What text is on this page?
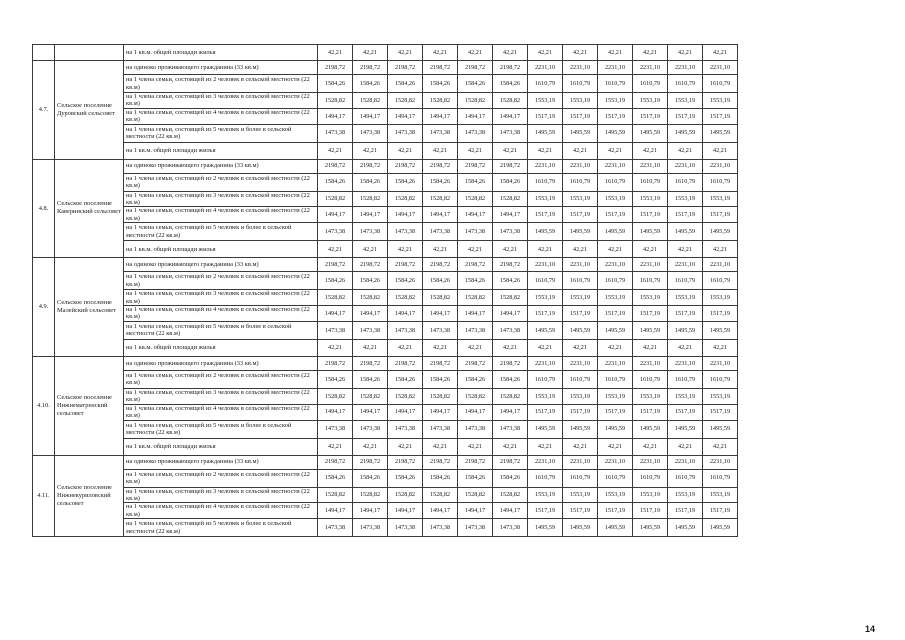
		на 1 кв.м. общей площади жилья	42,21	42,21	42,21	42,21	42,21	42,21	42,21	42,21	42,21	42,21	42,21	42,21
4.7.	Сельское поселение Дуровский сельсовет	на одиноко проживающего гражданина (33 кв.м)	2198,72	2198,72	2198,72	2198,72	2198,72	2198,72	2231,10	2231,10	2231,10	2231,10	2231,10	2231,10
		на 1 члена семьи, состоящей из 2 человек в сельской местности (22 кв.м)	1584,26	1584,26	1584,26	1584,26	1584,26	1584,26	1610,79	1610,79	1610,79	1610,79	1610,79	1610,79
		на 1 члена семьи, состоящей из 3 человек в сельской местности (22 кв.м)	1528,82	1528,82	1528,82	1528,82	1528,82	1528,82	1553,19	1553,19	1553,19	1553,19	1553,19	1553,19
		на 1 члена семьи, состоящей из 4 человек в сельской местности (22 кв.м)	1494,17	1494,17	1494,17	1494,17	1494,17	1494,17	1517,19	1517,19	1517,19	1517,19	1517,19	1517,19
		на 1 члена семьи, состоящей из 5 человек и более в сельской местности (22 кв.м)	1473,38	1473,38	1473,38	1473,38	1473,38	1473,38	1495,59	1495,59	1495,59	1495,59	1495,59	1495,59
		на 1 кв.м. общей площади жилья	42,21	42,21	42,21	42,21	42,21	42,21	42,21	42,21	42,21	42,21	42,21	42,21
4.8.	Сельское поселение Каверинский сельсовет	на одиноко проживающего гражданина (33 кв.м)	2198,72	2198,72	2198,72	2198,72	2198,72	2198,72	2231,10	2231,10	2231,10	2231,10	2231,10	2231,10
		на 1 члена семьи, состоящей из 2 человек в сельской местности (22 кв.м)	1584,26	1584,26	1584,26	1584,26	1584,26	1584,26	1610,79	1610,79	1610,79	1610,79	1610,79	1610,79
		на 1 члена семьи, состоящей из 3 человек в сельской местности (22 кв.м)	1528,82	1528,82	1528,82	1528,82	1528,82	1528,82	1553,19	1553,19	1553,19	1553,19	1553,19	1553,19
		на 1 члена семьи, состоящей из 4 человек в сельской местности (22 кв.м)	1494,17	1494,17	1494,17	1494,17	1494,17	1494,17	1517,19	1517,19	1517,19	1517,19	1517,19	1517,19
		на 1 члена семьи, состоящей из 5 человек и более в сельской местности (22 кв.м)	1473,38	1473,38	1473,38	1473,38	1473,38	1473,38	1495,59	1495,59	1495,59	1495,59	1495,59	1495,59
		на 1 кв.м. общей площади жилья	42,21	42,21	42,21	42,21	42,21	42,21	42,21	42,21	42,21	42,21	42,21	42,21
4.9.	Сельское поселение Малейский сельсовет	на одиноко проживающего гражданина (33 кв.м)	2198,72	2198,72	2198,72	2198,72	2198,72	2198,72	2231,10	2231,10	2231,10	2231,10	2231,10	2231,10
		на 1 члена семьи, состоящей из 2 человек в сельской местности (22 кв.м)	1584,26	1584,26	1584,26	1584,26	1584,26	1584,26	1610,79	1610,79	1610,79	1610,79	1610,79	1610,79
		на 1 члена семьи, состоящей из 3 человек в сельской местности (22 кв.м)	1528,82	1528,82	1528,82	1528,82	1528,82	1528,82	1553,19	1553,19	1553,19	1553,19	1553,19	1553,19
		на 1 члена семьи, состоящей из 4 человек в сельской местности (22 кв.м)	1494,17	1494,17	1494,17	1494,17	1494,17	1494,17	1517,19	1517,19	1517,19	1517,19	1517,19	1517,19
		на 1 члена семьи, состоящей из 5 человек и более в сельской местности (22 кв.м)	1473,38	1473,38	1473,38	1473,38	1473,38	1473,38	1495,59	1495,59	1495,59	1495,59	1495,59	1495,59
		на 1 кв.м. общей площади жилья	42,21	42,21	42,21	42,21	42,21	42,21	42,21	42,21	42,21	42,21	42,21	42,21
4.10.	Сельское поселение Нижнематренский сельсовет	на одиноко проживающего гражданина (33 кв.м)	2198,72	2198,72	2198,72	2198,72	2198,72	2198,72	2231,10	2231,10	2231,10	2231,10	2231,10	2231,10
		на 1 члена семьи, состоящей из 2 человек в сельской местности (22 кв.м)	1584,26	1584,26	1584,26	1584,26	1584,26	1584,26	1610,79	1610,79	1610,79	1610,79	1610,79	1610,79
		на 1 члена семьи, состоящей из 3 человек в сельской местности (22 кв.м)	1528,82	1528,82	1528,82	1528,82	1528,82	1528,82	1553,19	1553,19	1553,19	1553,19	1553,19	1553,19
		на 1 члена семьи, состоящей из 4 человек в сельской местности (22 кв.м)	1494,17	1494,17	1494,17	1494,17	1494,17	1494,17	1517,19	1517,19	1517,19	1517,19	1517,19	1517,19
		на 1 члена семьи, состоящей из 5 человек и более в сельской местности (22 кв.м)	1473,38	1473,38	1473,38	1473,38	1473,38	1473,38	1495,59	1495,59	1495,59	1495,59	1495,59	1495,59
		на 1 кв.м. общей площади жилья	42,21	42,21	42,21	42,21	42,21	42,21	42,21	42,21	42,21	42,21	42,21	42,21
4.11.	Сельское поселение Нижнекуриловский сельсовет	на одиноко проживающего гражданина (33 кв.м)	2198,72	2198,72	2198,72	2198,72	2198,72	2198,72	2231,10	2231,10	2231,10	2231,10	2231,10	2231,10
		на 1 члена семьи, состоящей из 2 человек в сельской местности (22 кв.м)	1584,26	1584,26	1584,26	1584,26	1584,26	1584,26	1610,79	1610,79	1610,79	1610,79	1610,79	1610,79
		на 1 члена семьи, состоящей из 3 человек в сельской местности (22 кв.м)	1528,82	1528,82	1528,82	1528,82	1528,82	1528,82	1553,19	1553,19	1553,19	1553,19	1553,19	1553,19
		на 1 члена семьи, состоящей из 4 человек в сельской местности (22 кв.м)	1494,17	1494,17	1494,17	1494,17	1494,17	1494,17	1517,19	1517,19	1517,19	1517,19	1517,19	1517,19
		на 1 члена семьи, состоящей из 5 человек и более в сельской местности (22 кв.м)	1473,38	1473,38	1473,38	1473,38	1473,38	1473,38	1495,59	1495,59	1495,59	1495,59	1495,59	1495,59
14
